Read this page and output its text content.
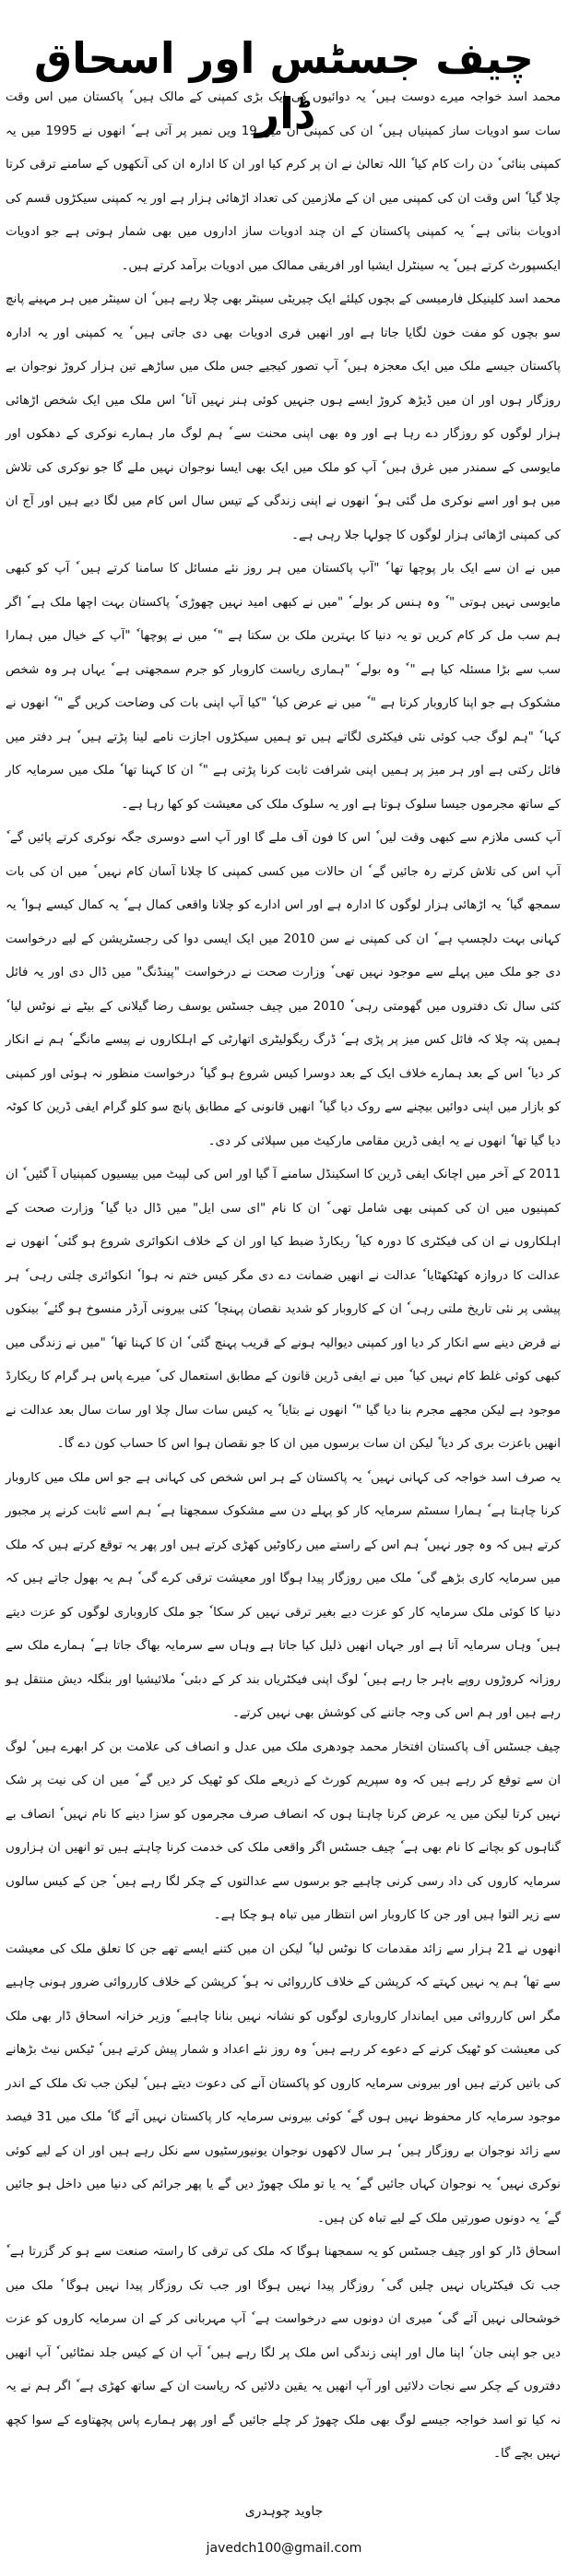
چیف جسٹس اور اسحاق ڈار

محمد اسد خواجہ میرے دوست ہیں ٗ یہ دوائیوں کی ایک بڑی کمپنی کے مالک ہیں ٗ پاکستان میں اس وقت سات سو ادویات ساز کمپنیاں ہیں ٗ ان کی کمپنی ان میں 19 ویں نمبر پر آتی ہے ٗ انھوں نے 1995 میں یہ کمپنی بنائی ٗ دن رات کام کیا ٗ اللہ تعالیٰ نے ان پر کرم کیا اور ان کا ادارہ ان کی آنکھوں کے سامنے ترقی کرتا چلا گیا ٗ اس وقت ان کی کمپنی میں ان کے ملازمین کی تعداد اڑھائی ہزار ہے اور یہ کمپنی سیکڑوں قسم کی ادویات بناتی ہے ٗ یہ کمپنی پاکستان کے ان چند ادویات ساز اداروں میں بھی شمار ہوتی ہے جو ادویات ایکسپورٹ کرتے ہیں ٗ یہ سینٹرل ایشیا اور افریقی ممالک میں ادویات برآمد کرتے ہیں۔

محمد اسد کلینیکل فارمیسی کے بچوں کیلئے ایک چیریٹی سینٹر بھی چلا رہے ہیں ٗ ان سینٹر میں ہر مہینے پانچ سو بچوں کو مفت خون لگایا جاتا ہے اور انھیں فری ادویات بھی دی جاتی ہیں ٗ یہ کمپنی اور یہ ادارہ پاکستان جیسے ملک میں ایک معجزہ ہیں ٗ آپ تصور کیجیے جس ملک میں ساڑھے تین ہزار کروڑ نوجوان بے روزگار ہوں اور ان میں ڈیڑھ کروڑ ایسے ہوں جنہیں کوئی ہنر نہیں آتا ٗ اس ملک میں ایک شخص اڑھائی ہزار لوگوں کو روزگار دے رہا ہے اور وہ بھی اپنی محنت سے ٗ ہم لوگ مار ہمارے نوکری کے دھکوں اور مایوسی کے سمندر میں غرق ہیں ٗ آپ کو ملک میں ایک بھی ایسا نوجوان نہیں ملے گا جو نوکری کی تلاش میں ہو اور اسے نوکری مل گئی ہو ٗ انھوں نے اپنی زندگی کے تیس سال اس کام میں لگا دیے ہیں اور آج ان کی کمپنی اڑھائی ہزار لوگوں کا چولہا جلا رہی ہے۔

میں نے ان سے ایک بار پوچھا تھا ٗ "آپ پاکستان میں ہر روز نئے مسائل کا سامنا کرتے ہیں ٗ آپ کو کبھی مایوسی نہیں ہوتی " ٗ وہ ہنس کر بولے ٗ "میں نے کبھی امید نہیں چھوڑی ٗ پاکستان بہت اچھا ملک ہے ٗ اگر ہم سب مل کر کام کریں تو یہ دنیا کا بہترین ملک بن سکتا ہے " ٗ میں نے پوچھا ٗ "آپ کے خیال میں ہمارا سب سے بڑا مسئلہ کیا ہے " ٗ وہ بولے ٗ "ہماری ریاست کاروبار کو جرم سمجھتی ہے ٗ یہاں ہر وہ شخص مشکوک ہے جو اپنا کاروبار کرتا ہے " ٗ میں نے عرض کیا ٗ "کیا آپ اپنی بات کی وضاحت کریں گے " ٗ انھوں نے کہا ٗ "ہم لوگ جب کوئی نئی فیکٹری لگاتے ہیں تو ہمیں سیکڑوں اجازت نامے لینا پڑتے ہیں ٗ ہر دفتر میں فائل رکتی ہے اور ہر میز پر ہمیں اپنی شرافت ثابت کرنا پڑتی ہے " ٗ ان کا کہنا تھا ٗ ملک میں سرمایہ کار کے ساتھ مجرموں جیسا سلوک ہوتا ہے اور یہ سلوک ملک کی معیشت کو کھا رہا ہے۔

آپ کسی ملازم سے کبھی وقت لیں ٗ اس کا فون آف ملے گا اور آپ اسے دوسری جگہ نوکری کرتے پائیں گے ٗ آپ اس کی تلاش کرتے رہ جائیں گے ٗ ان حالات میں کسی کمپنی کا چلانا آسان کام نہیں ٗ میں ان کی بات سمجھ گیا ٗ یہ اڑھائی ہزار لوگوں کا ادارہ ہے اور اس ادارے کو چلانا واقعی کمال ہے ٗ یہ کمال کیسے ہوا ٗ یہ کہانی بہت دلچسپ ہے ٗ ان کی کمپنی نے سن 2010 میں ایک ایسی دوا کی رجسٹریشن کے لیے درخواست دی جو ملک میں پہلے سے موجود نہیں تھی ٗ وزارت صحت نے درخواست "پینڈنگ" میں ڈال دی اور یہ فائل کئی سال تک دفتروں میں گھومتی رہی ٗ 2010 میں چیف جسٹس یوسف رضا گیلانی کے بیٹے نے نوٹس لیا ٗ ہمیں پتہ چلا کہ فائل کس میز پر پڑی ہے ٗ ڈرگ ریگولیٹری اتھارٹی کے اہلکاروں نے پیسے مانگے ٗ ہم نے انکار کر دیا ٗ اس کے بعد ہمارے خلاف ایک کے بعد دوسرا کیس شروع ہو گیا ٗ درخواست منظور نہ ہوئی اور کمپنی کو بازار میں اپنی دوائیں بیچنے سے روک دیا گیا ٗ انھیں قانونی کے مطابق پانچ سو کلو گرام ایفی ڈرین کا کوٹہ دیا گیا تھا ٗ انھوں نے یہ ایفی ڈرین مقامی مارکیٹ میں سپلائی کر دی۔

2011 کے آخر میں اچانک ایفی ڈرین کا اسکینڈل سامنے آ گیا اور اس کی لپیٹ میں بیسیوں کمپنیاں آ گئیں ٗ ان کمپنیوں میں ان کی کمپنی بھی شامل تھی ٗ ان کا نام "ای سی ایل" میں ڈال دیا گیا ٗ وزارت صحت کے اہلکاروں نے ان کی فیکٹری کا دورہ کیا ٗ ریکارڈ ضبط کیا اور ان کے خلاف انکوائری شروع ہو گئی ٗ انھوں نے عدالت کا دروازہ کھٹکھٹایا ٗ عدالت نے انھیں ضمانت دے دی مگر کیس ختم نہ ہوا ٗ انکوائری چلتی رہی ٗ ہر پیشی پر نئی تاریخ ملتی رہی ٗ ان کے کاروبار کو شدید نقصان پہنچا ٗ کئی بیرونی آرڈر منسوخ ہو گئے ٗ بینکوں نے قرض دینے سے انکار کر دیا اور کمپنی دیوالیہ ہونے کے قریب پہنچ گئی ٗ ان کا کہنا تھا ٗ "میں نے زندگی میں کبھی کوئی غلط کام نہیں کیا ٗ میں نے ایفی ڈرین قانون کے مطابق استعمال کی ٗ میرے پاس ہر گرام کا ریکارڈ موجود ہے لیکن مجھے مجرم بنا دیا گیا " ٗ انھوں نے بتایا ٗ یہ کیس سات سال چلا اور سات سال بعد عدالت نے انھیں باعزت بری کر دیا ٗ لیکن ان سات برسوں میں ان کا جو نقصان ہوا اس کا حساب کون دے گا۔

یہ صرف اسد خواجہ کی کہانی نہیں ٗ یہ پاکستان کے ہر اس شخص کی کہانی ہے جو اس ملک میں کاروبار کرنا چاہتا ہے ٗ ہمارا سسٹم سرمایہ کار کو پہلے دن سے مشکوک سمجھتا ہے ٗ ہم اسے ثابت کرنے پر مجبور کرتے ہیں کہ وہ چور نہیں ٗ ہم اس کے راستے میں رکاوٹیں کھڑی کرتے ہیں اور پھر یہ توقع کرتے ہیں کہ ملک میں سرمایہ کاری بڑھے گی ٗ ملک میں روزگار پیدا ہوگا اور معیشت ترقی کرے گی ٗ ہم یہ بھول جاتے ہیں کہ دنیا کا کوئی ملک سرمایہ کار کو عزت دیے بغیر ترقی نہیں کر سکا ٗ جو ملک کاروباری لوگوں کو عزت دیتے ہیں ٗ وہاں سرمایہ آتا ہے اور جہاں انھیں ذلیل کیا جاتا ہے وہاں سے سرمایہ بھاگ جاتا ہے ٗ ہمارے ملک سے روزانہ کروڑوں روپے باہر جا رہے ہیں ٗ لوگ اپنی فیکٹریاں بند کر کے دبئی ٗ ملائیشیا اور بنگلہ دیش منتقل ہو رہے ہیں اور ہم اس کی وجہ جاننے کی کوشش بھی نہیں کرتے۔

چیف جسٹس آف پاکستان افتخار محمد چودھری ملک میں عدل و انصاف کی علامت بن کر ابھرے ہیں ٗ لوگ ان سے توقع کر رہے ہیں کہ وہ سپریم کورٹ کے ذریعے ملک کو ٹھیک کر دیں گے ٗ میں ان کی نیت پر شک نہیں کرتا لیکن میں یہ عرض کرنا چاہتا ہوں کہ انصاف صرف مجرموں کو سزا دینے کا نام نہیں ٗ انصاف بے گناہوں کو بچانے کا نام بھی ہے ٗ چیف جسٹس اگر واقعی ملک کی خدمت کرنا چاہتے ہیں تو انھیں ان ہزاروں سرمایہ کاروں کی داد رسی کرنی چاہیے جو برسوں سے عدالتوں کے چکر لگا رہے ہیں ٗ جن کے کیس سالوں سے زیر التوا ہیں اور جن کا کاروبار اس انتظار میں تباہ ہو چکا ہے۔

انھوں نے 21 ہزار سے زائد مقدمات کا نوٹس لیا ٗ لیکن ان میں کتنے ایسے تھے جن کا تعلق ملک کی معیشت سے تھا ٗ ہم یہ نہیں کہتے کہ کرپشن کے خلاف کارروائی نہ ہو ٗ کرپشن کے خلاف کارروائی ضرور ہونی چاہیے مگر اس کارروائی میں ایماندار کاروباری لوگوں کو نشانہ نہیں بنانا چاہیے ٗ وزیر خزانہ اسحاق ڈار بھی ملک کی معیشت کو ٹھیک کرنے کے دعوے کر رہے ہیں ٗ وہ روز نئے اعداد و شمار پیش کرتے ہیں ٗ ٹیکس نیٹ بڑھانے کی باتیں کرتے ہیں اور بیرونی سرمایہ کاروں کو پاکستان آنے کی دعوت دیتے ہیں ٗ لیکن جب تک ملک کے اندر موجود سرمایہ کار محفوظ نہیں ہوں گے ٗ کوئی بیرونی سرمایہ کار پاکستان نہیں آئے گا ٗ ملک میں 31 فیصد سے زائد نوجوان بے روزگار ہیں ٗ ہر سال لاکھوں نوجوان یونیورسٹیوں سے نکل رہے ہیں اور ان کے لیے کوئی نوکری نہیں ٗ یہ نوجوان کہاں جائیں گے ٗ یہ یا تو ملک چھوڑ دیں گے یا پھر جرائم کی دنیا میں داخل ہو جائیں گے ٗ یہ دونوں صورتیں ملک کے لیے تباہ کن ہیں۔

اسحاق ڈار کو اور چیف جسٹس کو یہ سمجھنا ہوگا کہ ملک کی ترقی کا راستہ صنعت سے ہو کر گزرتا ہے ٗ جب تک فیکٹریاں نہیں چلیں گی ٗ روزگار پیدا نہیں ہوگا اور جب تک روزگار پیدا نہیں ہوگا ٗ ملک میں خوشحالی نہیں آئے گی ٗ میری ان دونوں سے درخواست ہے ٗ آپ مہربانی کر کے ان سرمایہ کاروں کو عزت دیں جو اپنی جان ٗ اپنا مال اور اپنی زندگی اس ملک پر لگا رہے ہیں ٗ آپ ان کے کیس جلد نمٹائیں ٗ آپ انھیں دفتروں کے چکر سے نجات دلائیں اور آپ انھیں یہ یقین دلائیں کہ ریاست ان کے ساتھ کھڑی ہے ٗ اگر ہم نے یہ نہ کیا تو اسد خواجہ جیسے لوگ بھی ملک چھوڑ کر چلے جائیں گے اور پھر ہمارے پاس پچھتاوے کے سوا کچھ نہیں بچے گا۔

جاوید چوہدری
javedch100@gmail.com
